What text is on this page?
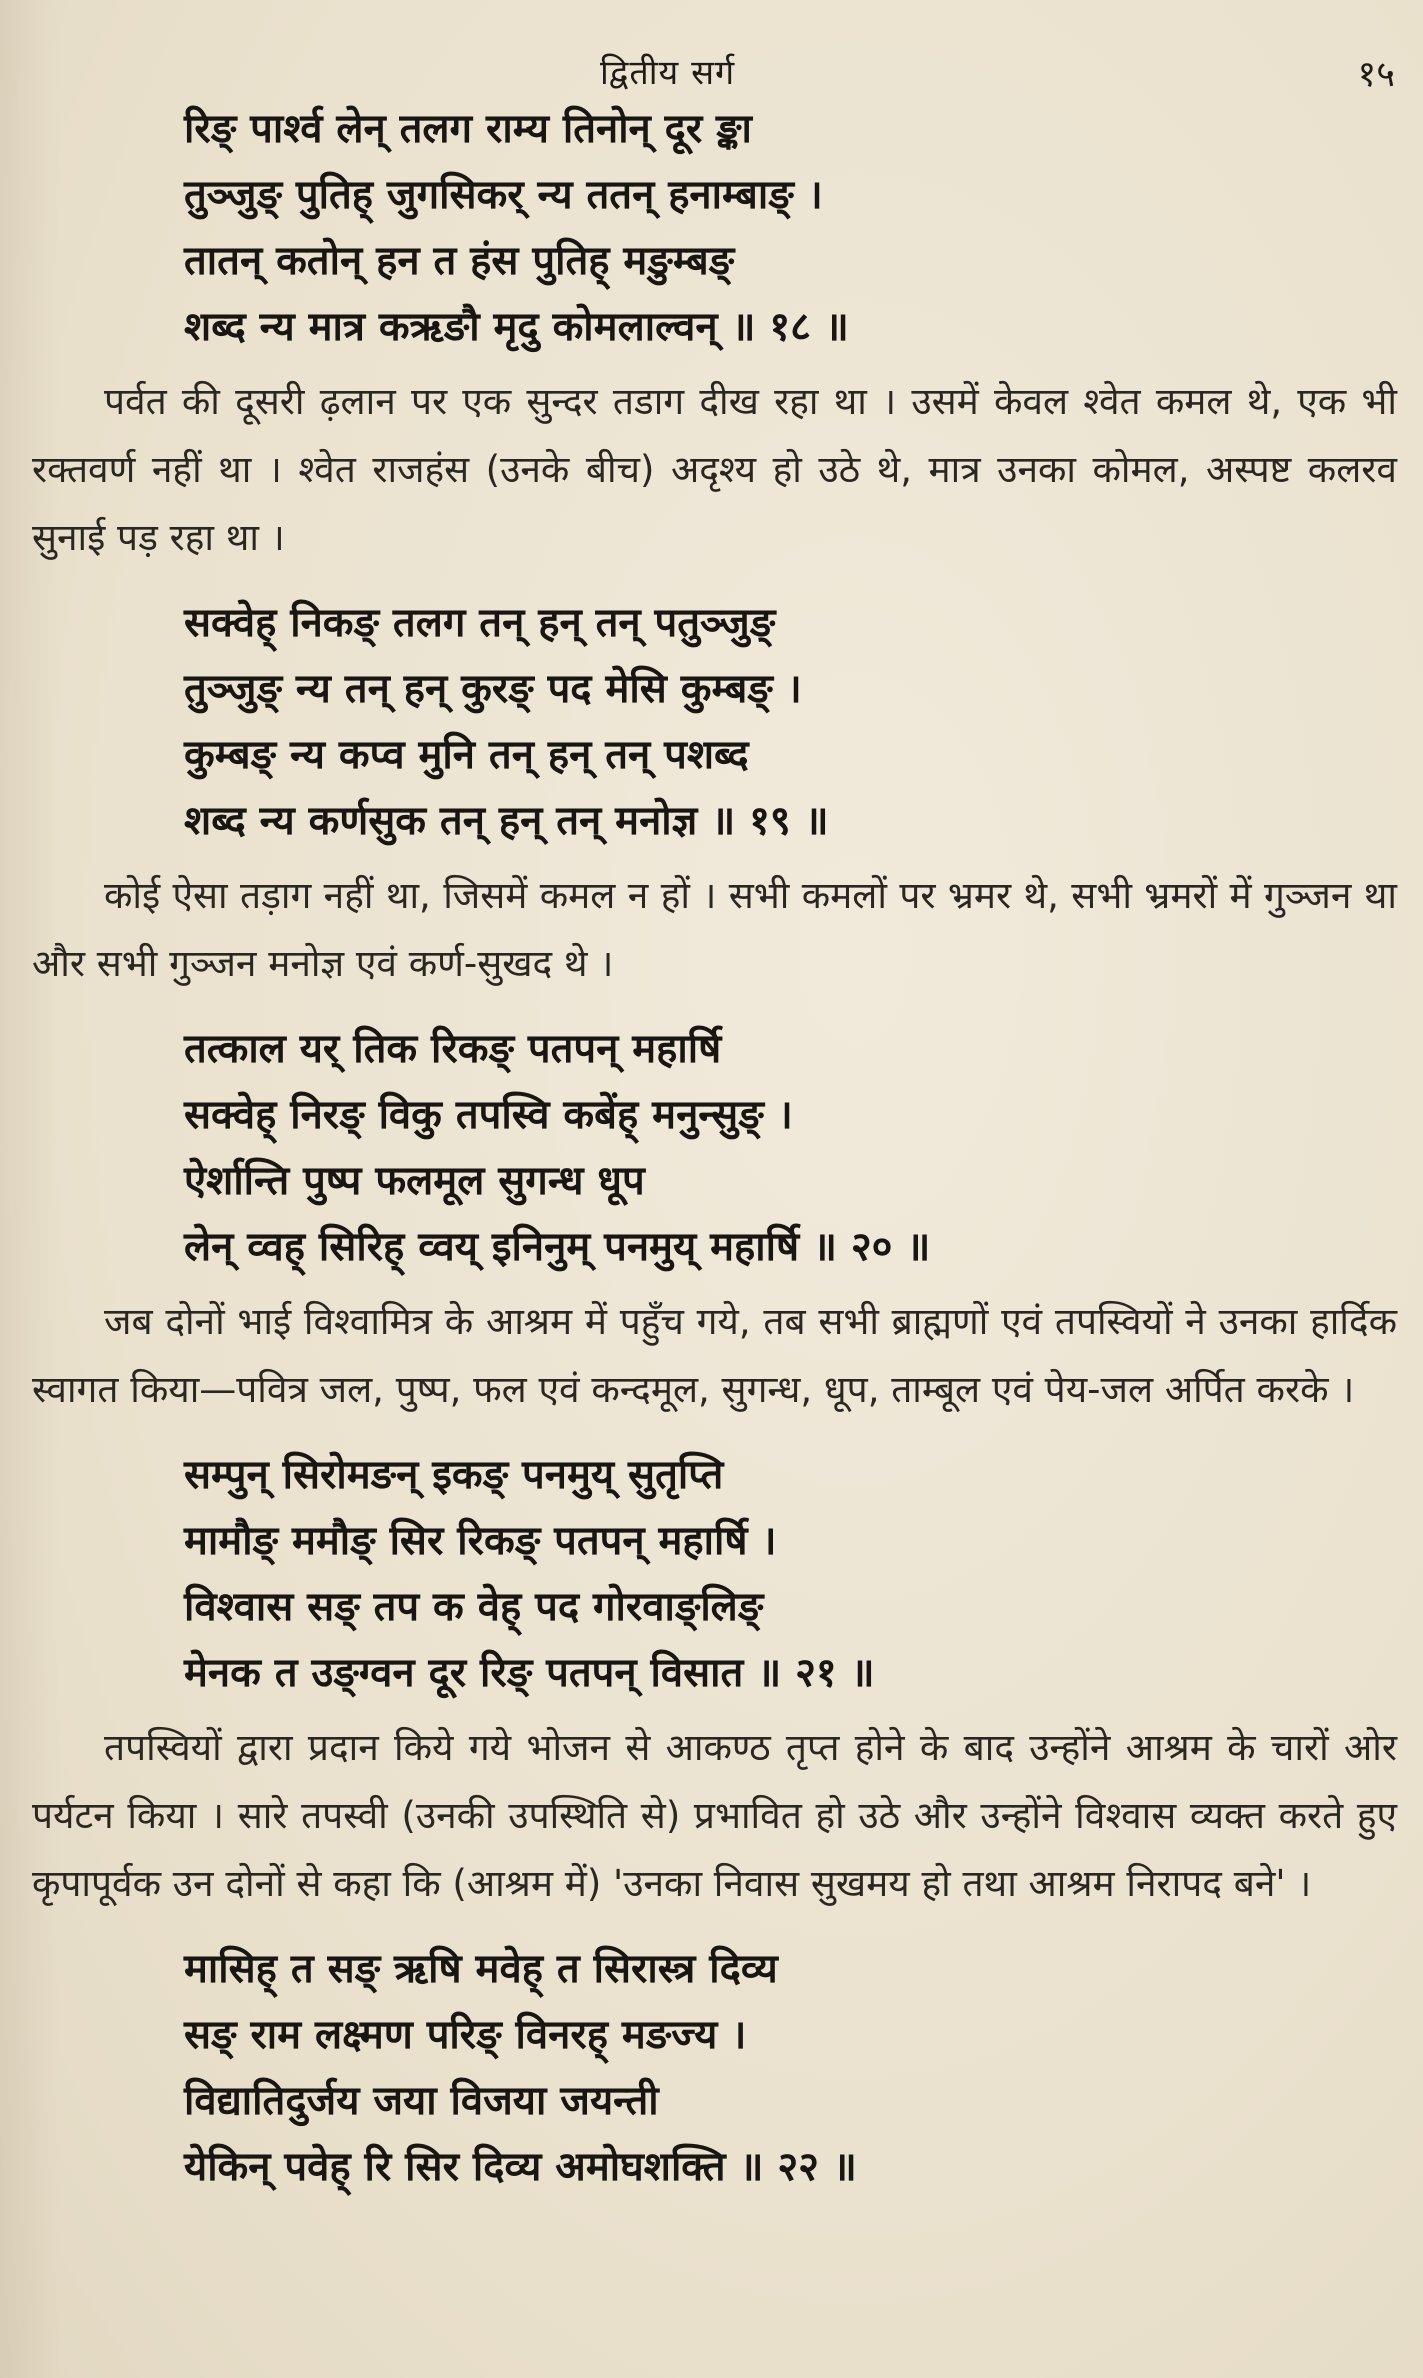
द्वितीय सर्ग	१५
रिङ् पार्श्व लेन् तलग राम्य तिनोन् दूर ङ्का
तुञ्जुङ् पुतिह् जुगसिकर् न्य ततन् हनाम्बाङ् ।
तातन् कतोन् हन त हंस पुतिह् मङुम्बङ्
शब्द न्य मात्र कऋङौ मृदु कोमलाल्वन् ॥ १८ ॥

पर्वत की दूसरी ढ़लान पर एक सुन्दर तडाग दीख रहा था । उसमें केवल श्वेत कमल थे, एक भी रक्तवर्ण नहीं था । श्वेत राजहंस (उनके बीच) अदृश्य हो उठे थे, मात्र उनका कोमल, अस्पष्ट कलरव सुनाई पड़ रहा था ।

सक्वेह् निकङ् तलग तन् हन् तन् पतुञ्जुङ्
तुञ्जुङ् न्य तन् हन् कुरङ् पद मेसि कुम्बङ् ।
कुम्बङ् न्य कप्व मुनि तन् हन् तन् पशब्द
शब्द न्य कर्णसुक तन् हन् तन् मनोज्ञ ॥ १९ ॥

कोई ऐसा तड़ाग नहीं था, जिसमें कमल न हों । सभी कमलों पर भ्रमर थे, सभी भ्रमरों में गुञ्जन था और सभी गुञ्जन मनोज्ञ एवं कर्ण-सुखद थे ।

तत्काल यर् तिक रिकङ् पतपन् महार्षि
सक्वेह् निरङ् विकु तपस्वि कबेंह् मनुन्सुङ् ।
ऐर्शान्ति पुष्प फलमूल सुगन्ध धूप
लेन् व्वह् सिरिह् व्वय् इनिनुम् पनमुय् महार्षि ॥ २० ॥

जब दोनों भाई विश्वामित्र के आश्रम में पहुँच गये, तब सभी ब्राह्मणों एवं तपस्वियों ने उनका हार्दिक स्वागत किया—पवित्र जल, पुष्प, फल एवं कन्दमूल, सुगन्ध, धूप, ताम्बूल एवं पेय-जल अर्पित करके ।

सम्पुन् सिरोमङन् इकङ् पनमुय् सुतृप्ति
मामौङ् ममौङ् सिर रिकङ् पतपन् महार्षि ।
विश्वास सङ् तप क वेह् पद गोरवाङ्लिङ्
मेनक त उङ्ग्वन दूर रिङ् पतपन् विसात ॥ २१ ॥

तपस्वियों द्वारा प्रदान किये गये भोजन से आकण्ठ तृप्त होने के बाद उन्होंने आश्रम के चारों ओर पर्यटन किया । सारे तपस्वी (उनकी उपस्थिति से) प्रभावित हो उठे और उन्होंने विश्वास व्यक्त करते हुए कृपापूर्वक उन दोनों से कहा कि (आश्रम में) 'उनका निवास सुखमय हो तथा आश्रम निरापद बने' ।

मासिह् त सङ् ऋषि मवेह् त सिरास्त्र दिव्य
सङ् राम लक्ष्मण परिङ् विनरह् मङज्य ।
विद्यातिदुर्जय जया विजया जयन्ती
येकिन् पवेह् रि सिर दिव्य अमोघशक्ति ॥ २२ ॥
